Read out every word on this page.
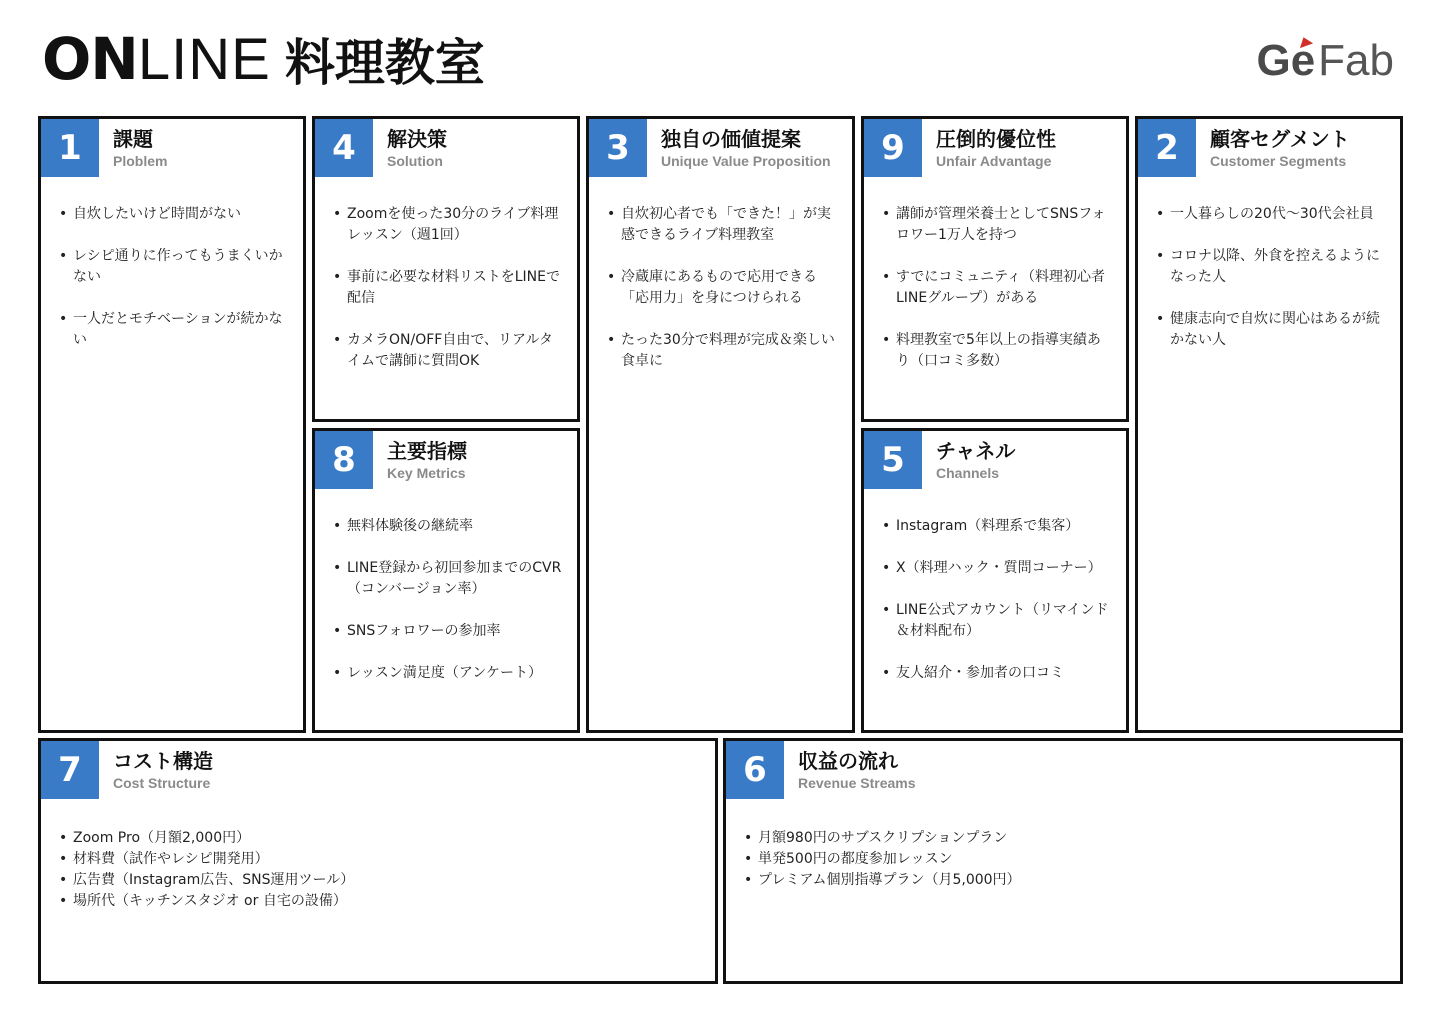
ON LINE 料理教室	G e Fab
1	課題
Ploblem
• 自炊したいけど時間がない
• レシピ通りに作ってもうまくいかない
• 一人だとモチベーションが続かない
4	解決策
Solution
• Zoomを使った30分のライブ料理レッスン（週1回）
• 事前に必要な材料リストをLINEで配信
• カメラON/OFF自由で、リアルタイムで講師に質問OK
8	主要指標
Key Metrics
• 無料体験後の継続率
• LINE登録から初回参加までのCVR（コンバージョン率）
• SNSフォロワーの参加率
• レッスン満足度（アンケート）
3	独自の価値提案
Unique Value Proposition
• 自炊初心者でも「できた！」が実感できるライブ料理教室
• 冷蔵庫にあるもので応用できる「応用力」を身につけられる
• たった30分で料理が完成＆楽しい食卓に
9	圧倒的優位性
Unfair Advantage
• 講師が管理栄養士としてSNSフォロワー1万人を持つ
• すでにコミュニティ（料理初心者LINEグループ）がある
• 料理教室で5年以上の指導実績あり（口コミ多数）
5	チャネル
Channels
• Instagram（料理系で集客）
• X（料理ハック・質問コーナー）
• LINE公式アカウント（リマインド＆材料配布）
• 友人紹介・参加者の口コミ
2	顧客セグメント
Customer Segments
• 一人暮らしの20代〜30代会社員
• コロナ以降、外食を控えるようになった人
• 健康志向で自炊に関心はあるが続かない人
7	コスト構造
Cost Structure
• Zoom Pro（月額2,000円）
• 材料費（試作やレシピ開発用）
• 広告費（Instagram広告、SNS運用ツール）
• 場所代（キッチンスタジオ or 自宅の設備）
6	収益の流れ
Revenue Streams
• 月額980円のサブスクリプションプラン
• 単発500円の都度参加レッスン
• プレミアム個別指導プラン（月5,000円）
